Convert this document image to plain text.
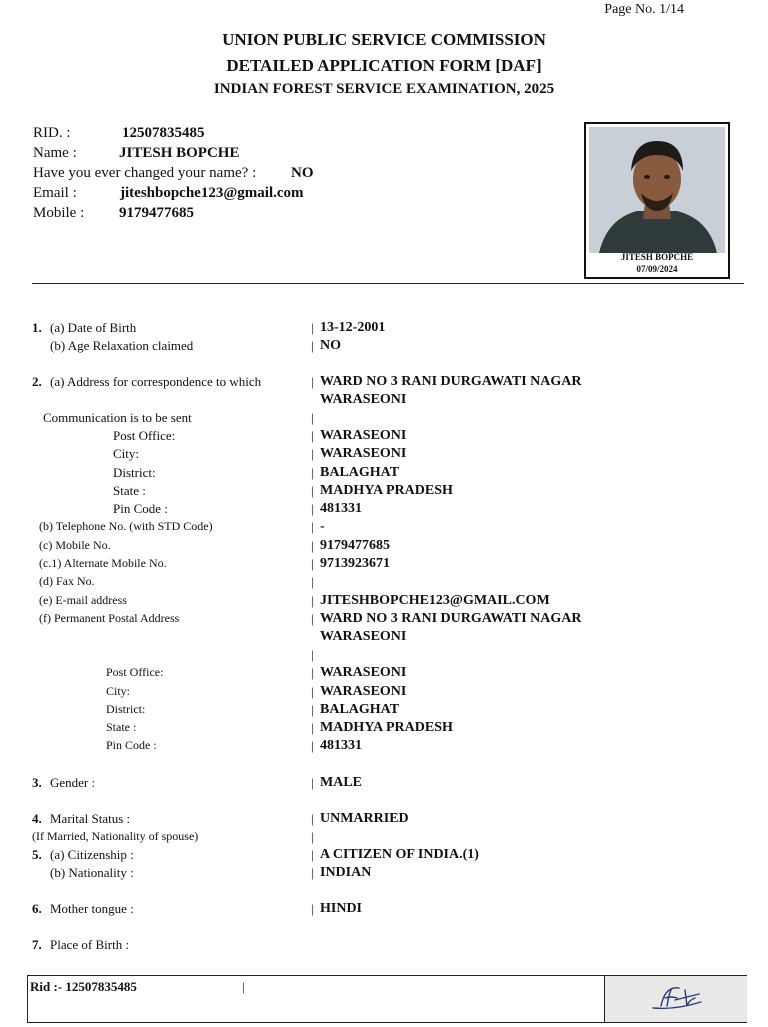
Page No. 1/14
UNION PUBLIC SERVICE COMMISSION
DETAILED APPLICATION FORM [DAF]
INDIAN FOREST SERVICE EXAMINATION, 2025
RID. :	12507835485
Name :	JITESH BOPCHE
Have you ever changed your name? : NO
Email :	jiteshbopche123@gmail.com
Mobile : 9179477685
JITESH BOPCHE
07/09/2024
1. (a) Date of Birth	| 13-12-2001
(b) Age Relaxation claimed	| NO
2. (a) Address for correspondence to which	| WARD NO 3 RANI DURGAWATI NAGAR
WARASEONI
Communication is to be sent	|
Post Office:	| WARASEONI
City:	| WARASEONI
District:	| BALAGHAT
State :	| MADHYA PRADESH
Pin Code :	| 481331
(b) Telephone No. (with STD Code)	| -
(c) Mobile No.	| 9179477685
(c.1) Alternate Mobile No.	| 9713923671
(d) Fax No.	|
(e) E-mail address	| JITESHBOPCHE123@GMAIL.COM
(f) Permanent Postal Address	| WARD NO 3 RANI DURGAWATI NAGAR
WARASEONI
|
Post Office:	| WARASEONI
City:	| WARASEONI
District:	| BALAGHAT
State :	| MADHYA PRADESH
Pin Code :	| 481331
3. Gender :	| MALE
4. Marital Status :	| UNMARRIED
(If Married, Nationality of spouse)	|
5. (a) Citizenship :	| A CITIZEN OF INDIA.(1)
(b) Nationality :	| INDIAN
6. Mother tongue :	| HINDI
7. Place of Birth :
Rid :- 12507835485	|
